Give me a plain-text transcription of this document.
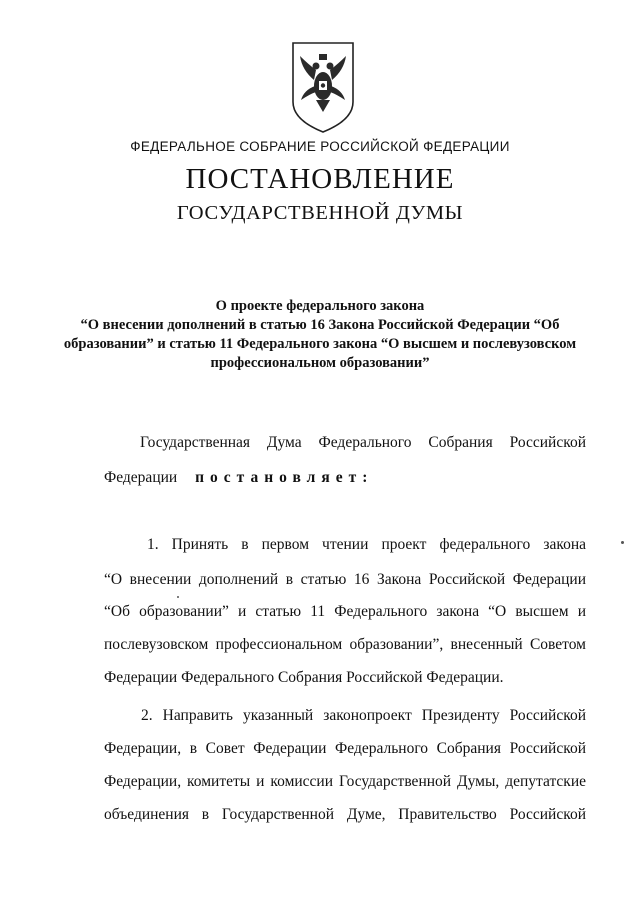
ФЕДЕРАЛЬНОЕ СОБРАНИЕ РОССИЙСКОЙ ФЕДЕРАЦИИ
ПОСТАНОВЛЕНИЕ
ГОСУДАРСТВЕННОЙ ДУМЫ
О проекте федерального закона
“О внесении дополнений в статью 16 Закона Российской Федерации “Об образовании” и статью 11 Федерального закона “О высшем и послевузовском профессиональном образовании”
Государственная Дума Федерального Собрания Российской
Федерации постановляет:
1. Принять в первом чтении проект федерального закона
“О внесении дополнений в статью 16 Закона Российской Федерации
“Об образовании” и статью 11 Федерального закона “О высшем и
послевузовском профессиональном образовании”, внесенный Советом
Федерации Федерального Собрания Российской Федерации.
2. Направить указанный законопроект Президенту Российской
Федерации, в Совет Федерации Федерального Собрания Российской
Федерации, комитеты и комиссии Государственной Думы, депутатские
объединения в Государственной Думе, Правительство Российской
